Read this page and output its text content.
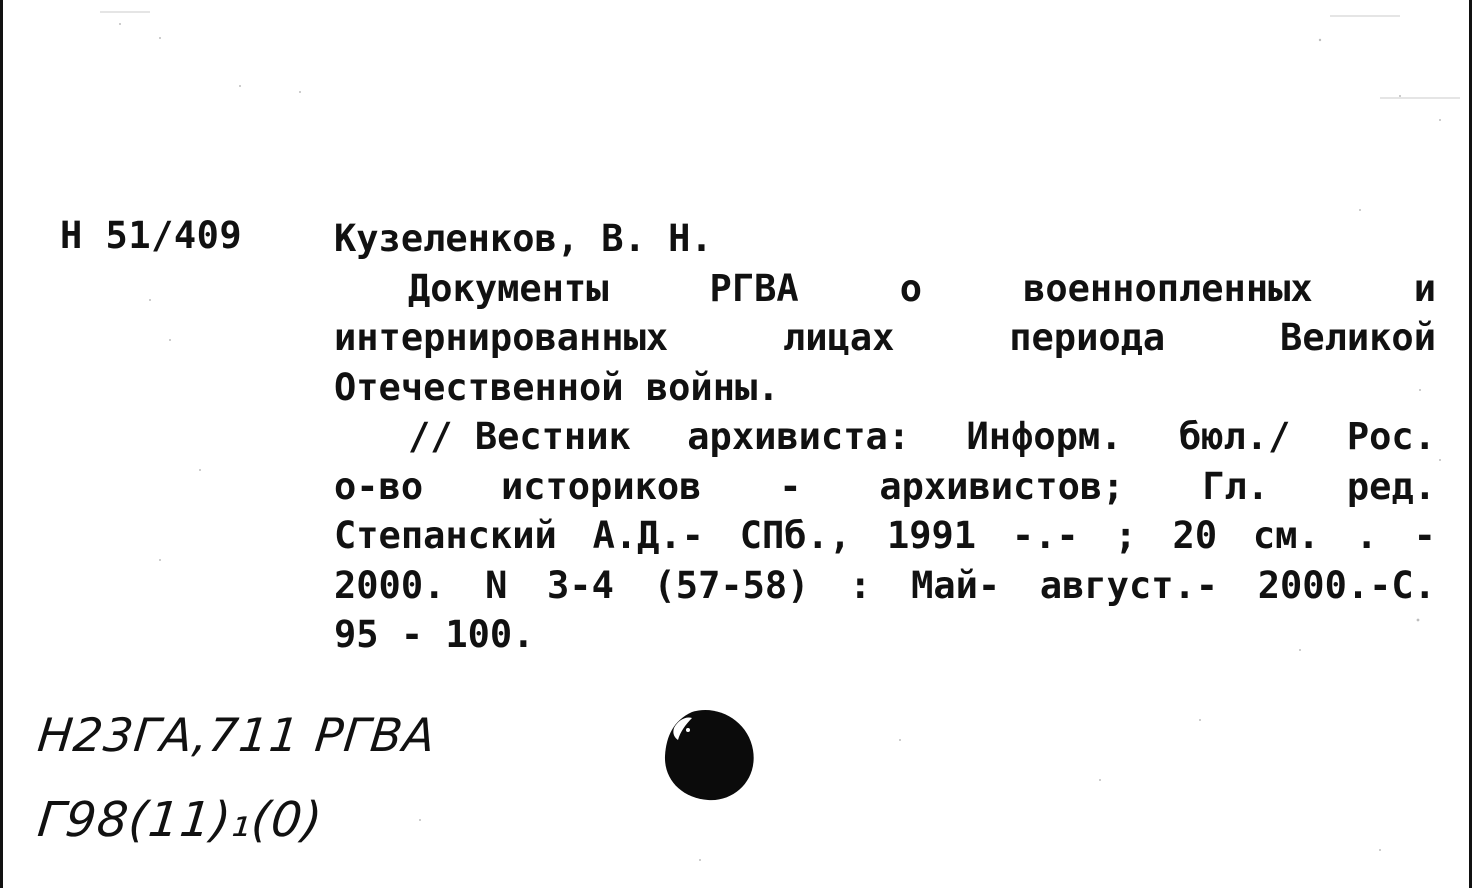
Н 51/409 Кузеленков, В. Н.
Документы	РГВА	о	военнопленных	и
интернированных	лицах	периода	Великой
Отечественной войны.
// Вестник архивиста: Информ. бюл./ Рос.
о-во историков - архивистов; Гл. ред.
Степанский А.Д.- СПб., 1991 -.- ; 20 см. . -
2000. N 3-4 (57-58) : Май- август.- 2000.-С.
95 - 100.
Н23ГА,711 РГВА
Г98(11)₁(0)
